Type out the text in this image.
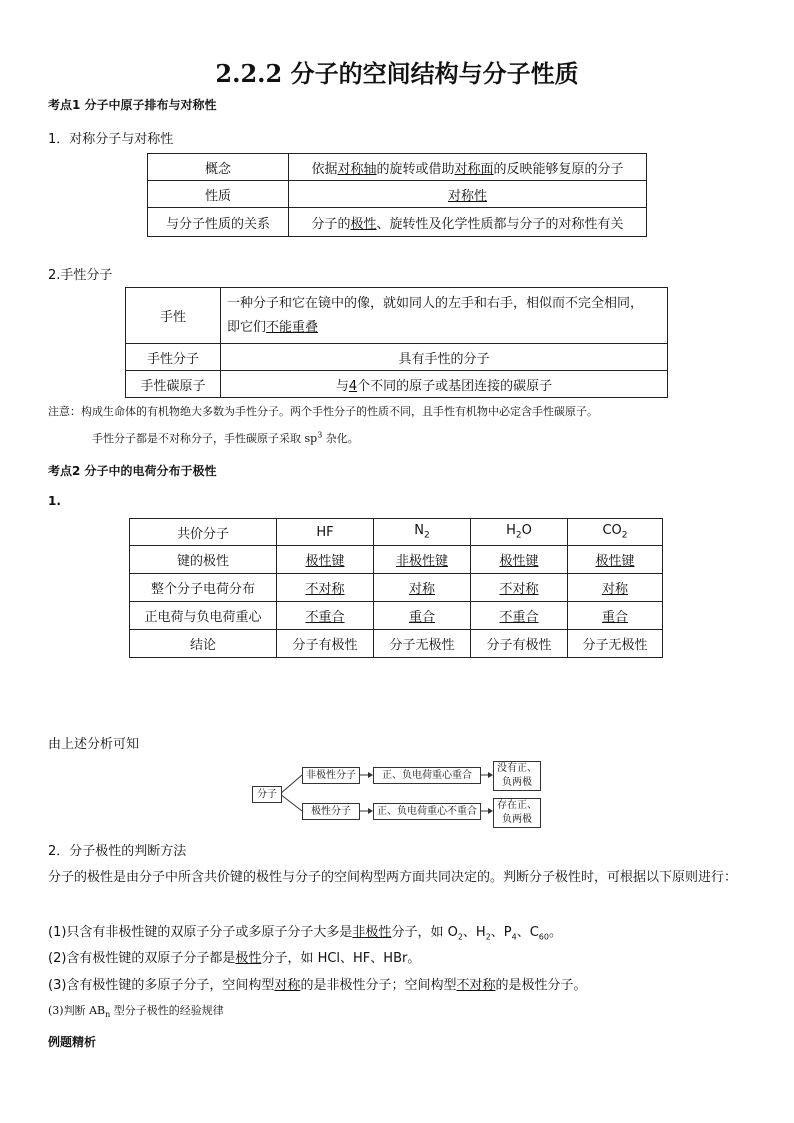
2.2.2 分子的空间结构与分子性质
考点1 分子中原子排布与对称性
1．对称分子与对称性
概念	依据对称轴的旋转或借助对称面的反映能够复原的分子
性质	对称性
与分子性质的关系	分子的极性、旋转性及化学性质都与分子的对称性有关
2.手性分子
手性	一种分子和它在镜中的像，就如同人的左手和右手，相似而不完全相同，
即它们不能重叠
手性分子	具有手性的分子
手性碳原子	与4个不同的原子或基团连接的碳原子
注意：构成生命体的有机物绝大多数为手性分子。两个手性分子的性质不同，且手性有机物中必定含手性碳原子。
手性分子都是不对称分子，手性碳原子采取 $sp^3$ 杂化。
考点2 分子中的电荷分布于极性
1.
共价分子	HF	$N_2$	$H_2O$	$CO_2$
键的极性	极性键	非极性键	极性键	极性键
整个分子电荷分布	不对称	对称	不对称	对称
正电荷与负电荷重心	不重合	重合	不重合	重合
结论	分子有极性	分子无极性	分子有极性	分子无极性
由上述分析可知
分子
非极性分子
极性分子
正、负电荷重心重合
正、负电荷重心不重合
没有正、
负两极
存在正、
负两极
2．分子极性的判断方法
分子的极性是由分子中所含共价键的极性与分子的空间构型两方面共同决定的。判断分子极性时，可根据以下原则进行：
(1)只含有非极性键的双原子分子或多原子分子大多是非极性分子，如 $O_2$、$H_2$、$P_4$、$C_{60}$。
(2)含有极性键的双原子分子都是极性分子，如 HCl、HF、HBr。
(3)含有极性键的多原子分子，空间构型对称的是非极性分子；空间构型不对称的是极性分子。
(3)判断 $AB_n$ 型分子极性的经验规律
例题精析
